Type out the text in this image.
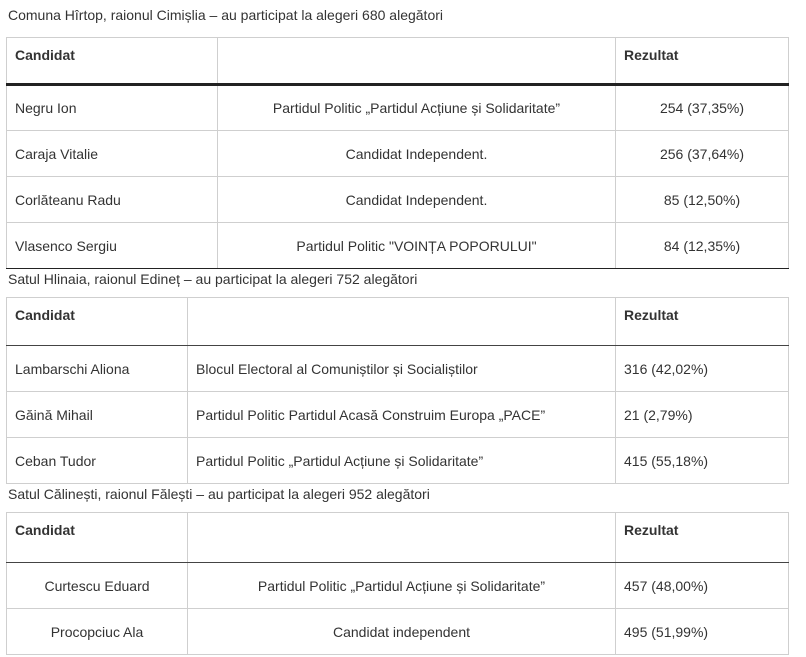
Comuna Hîrtop, raionul Cimișlia – au participat la alegeri 680 alegători
Candidat		Rezultat
Negru Ion	Partidul Politic „Partidul Acțiune și Solidaritate”	254 (37,35%)
Caraja Vitalie	Candidat Independent.	256 (37,64%)
Corlăteanu Radu	Candidat Independent.	85 (12,50%)
Vlasenco Sergiu	Partidul Politic "VOINȚA POPORULUI"	84 (12,35%)
Satul Hlinaia, raionul Edineț – au participat la alegeri 752 alegători
Candidat		Rezultat
Lambarschi Aliona	Blocul Electoral al Comuniștilor și Socialiștilor	316 (42,02%)
Găină Mihail	Partidul Politic Partidul Acasă Construim Europa „PACE”	21 (2,79%)
Ceban Tudor	Partidul Politic „Partidul Acțiune și Solidaritate”	415 (55,18%)
Satul Călinești, raionul Fălești – au participat la alegeri 952 alegători
Candidat		Rezultat
Curtescu Eduard	Partidul Politic „Partidul Acțiune și Solidaritate”	457 (48,00%)
Procopciuc Ala	Candidat independent	495 (51,99%)
